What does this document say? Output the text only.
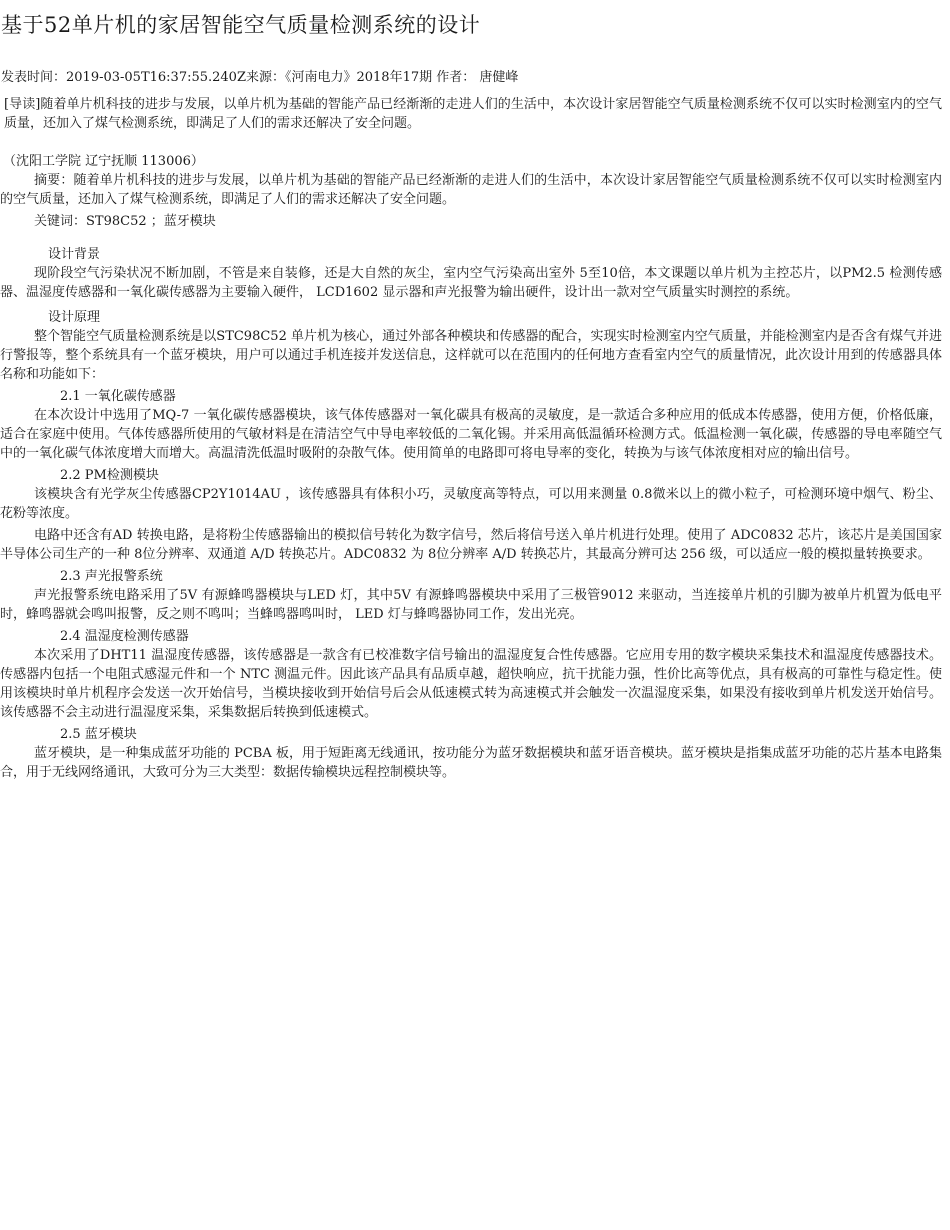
基于52单片机的家居智能空气质量检测系统的设计
发表时间：2019-03-05T16:37:55.240Z来源：《河南电力》2018年17期 作者： 唐健峰

[导读]随着单片机科技的进步与发展，以单片机为基础的智能产品已经渐渐的走进人们的生活中，本次设计家居智能空气质量检测系统不仅可以实时检测室内的空气质量，还加入了煤气检测系统，即满足了人们的需求还解决了安全问题。

（沈阳工学院 辽宁抚顺 113006）

摘要：随着单片机科技的进步与发展，以单片机为基础的智能产品已经渐渐的走进人们的生活中，本次设计家居智能空气质量检测系统不仅可以实时检测室内的空气质量，还加入了煤气检测系统，即满足了人们的需求还解决了安全问题。

关键词：ST98C52 ；蓝牙模块

设计背景

现阶段空气污染状况不断加剧，不管是来自装修，还是大自然的灰尘，室内空气污染高出室外 5至10倍，本文课题以单片机为主控芯片，以PM2.5 检测传感器、温湿度传感器和一氧化碳传感器为主要输入硬件， LCD1602 显示器和声光报警为输出硬件，设计出一款对空气质量实时测控的系统。

设计原理

整个智能空气质量检测系统是以STC98C52 单片机为核心，通过外部各种模块和传感器的配合，实现实时检测室内空气质量，并能检测室内是否含有煤气并进行警报等，整个系统具有一个蓝牙模块，用户可以通过手机连接并发送信息，这样就可以在范围内的任何地方查看室内空气的质量情况，此次设计用到的传感器具体名称和功能如下：

2.1 一氧化碳传感器

在本次设计中选用了MQ-7 一氧化碳传感器模块，该气体传感器对一氧化碳具有极高的灵敏度，是一款适合多种应用的低成本传感器，使用方便，价格低廉，适合在家庭中使用。气体传感器所使用的气敏材料是在清洁空气中导电率较低的二氧化锡。并采用高低温循环检测方式。低温检测一氧化碳，传感器的导电率随空气中的一氧化碳气体浓度增大而增大。高温清洗低温时吸附的杂散气体。使用简单的电路即可将电导率的变化，转换为与该气体浓度相对应的输出信号。

2.2 PM检测模块

该模块含有光学灰尘传感器CP2Y1014AU ，该传感器具有体积小巧，灵敏度高等特点，可以用来测量 0.8微米以上的微小粒子，可检测环境中烟气、粉尘、花粉等浓度。

电路中还含有AD 转换电路，是将粉尘传感器输出的模拟信号转化为数字信号，然后将信号送入单片机进行处理。使用了 ADC0832 芯片，该芯片是美国国家半导体公司生产的一种 8位分辨率、双通道 A/D 转换芯片。ADC0832 为 8位分辨率 A/D 转换芯片，其最高分辨可达 256 级，可以适应一般的模拟量转换要求。

2.3 声光报警系统

声光报警系统电路采用了5V 有源蜂鸣器模块与LED 灯，其中5V 有源蜂鸣器模块中采用了三极管9012 来驱动，当连接单片机的引脚为被单片机置为低电平时，蜂鸣器就会鸣叫报警，反之则不鸣叫；当蜂鸣器鸣叫时， LED 灯与蜂鸣器协同工作，发出光亮。

2.4 温湿度检测传感器

本次采用了DHT11 温湿度传感器，该传感器是一款含有已校准数字信号输出的温湿度复合性传感器。它应用专用的数字模块采集技术和温湿度传感器技术。传感器内包括一个电阻式感湿元件和一个 NTC 测温元件。因此该产品具有品质卓越，超快响应，抗干扰能力强，性价比高等优点，具有极高的可靠性与稳定性。使用该模块时单片机程序会发送一次开始信号，当模块接收到开始信号后会从低速模式转为高速模式并会触发一次温湿度采集，如果没有接收到单片机发送开始信号。该传感器不会主动进行温湿度采集，采集数据后转换到低速模式。

2.5 蓝牙模块

蓝牙模块，是一种集成蓝牙功能的 PCBA 板，用于短距离无线通讯，按功能分为蓝牙数据模块和蓝牙语音模块。蓝牙模块是指集成蓝牙功能的芯片基本电路集合，用于无线网络通讯，大致可分为三大类型：数据传输模块远程控制模块等。
